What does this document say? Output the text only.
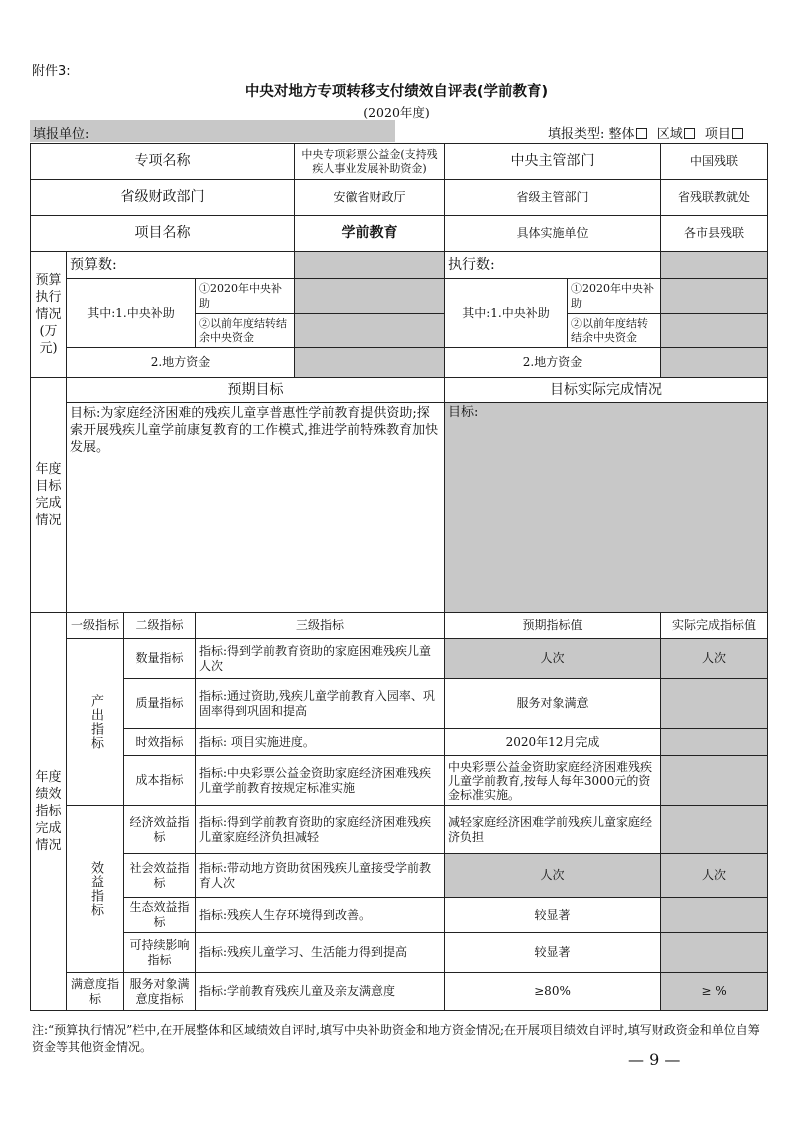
附件3:
中央对地方专项转移支付绩效自评表(学前教育)
(2020年度)
填报单位:	填报类型: 整体 区域 项目
专项名称				中央专项彩票公益金(支持残疾人事业发展补助资金)	中央主管部门		中国残联
省级财政部门				安徽省财政厅	省级主管部门		省残联教就处
项目名称				学前教育	具体实施单位		各市县残联

预算执行情况(万元)	预算数:				执行数:		
	其中:1.中央补助		①2020年中央补助		其中:1.中央补助	①2020年中央补助	
			②以前年度结转结余中央资金			②以前年度结转结余中央资金	
	2.地方资金				2.地方资金		

年度目标完成情况	预期目标				目标实际完成情况		
	目标:为家庭经济困难的残疾儿童享普惠性学前教育提供资助;探索开展残疾儿童学前康复教育的工作模式,推进学前特殊教育加快发展。				目标:		

年度绩效指标完成情况	一级指标	二级指标	三级指标		预期指标值		实际完成指标值

	产出指标	数量指标	指标:得到学前教育资助的家庭困难残疾儿童人次		人次		人次
		质量指标	指标:通过资助,残疾儿童学前教育入园率、巩固率得到巩固和提高		服务对象满意		
		时效指标	指标: 项目实施进度。		2020年12月完成		
		成本指标	指标:中央彩票公益金资助家庭经济困难残疾儿童学前教育按规定标准实施		中央彩票公益金资助家庭经济困难残疾儿童学前教育,按每人每年3000元的资金标准实施。		

	效益指标	经济效益指标	指标:得到学前教育资助的家庭经济困难残疾儿童家庭经济负担减轻		减轻家庭经济困难学前残疾儿童家庭经济负担		
		社会效益指标	指标:带动地方资助贫困残疾儿童接受学前教育人次		人次		人次
		生态效益指标	指标:残疾人生存环境得到改善。		较显著		
		可持续影响指标	指标:残疾儿童学习、生活能力得到提高		较显著		
	满意度指标	服务对象满意度指标	指标:学前教育残疾儿童及亲友满意度		≥80%		≥ %
注:“预算执行情况”栏中,在开展整体和区域绩效自评时,填写中央补助资金和地方资金情况;在开展项目绩效自评时,填写财政资金和单位自筹资金等其他资金情况。
— 9 —
